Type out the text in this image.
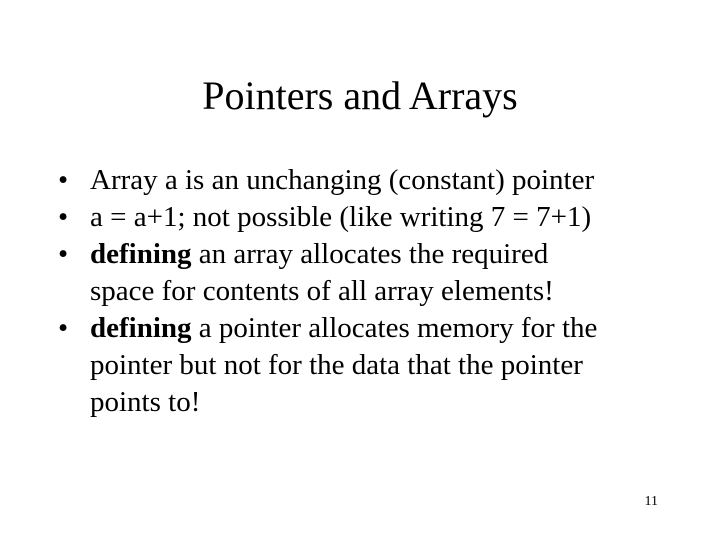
Pointers and Arrays
• Array a is an unchanging (constant) pointer
• a = a+1; not possible (like writing 7 = 7+1)
• defining an array allocates the required
space for contents of all array elements!
• defining a pointer allocates memory for the
pointer but not for the data that the pointer
points to!
11
